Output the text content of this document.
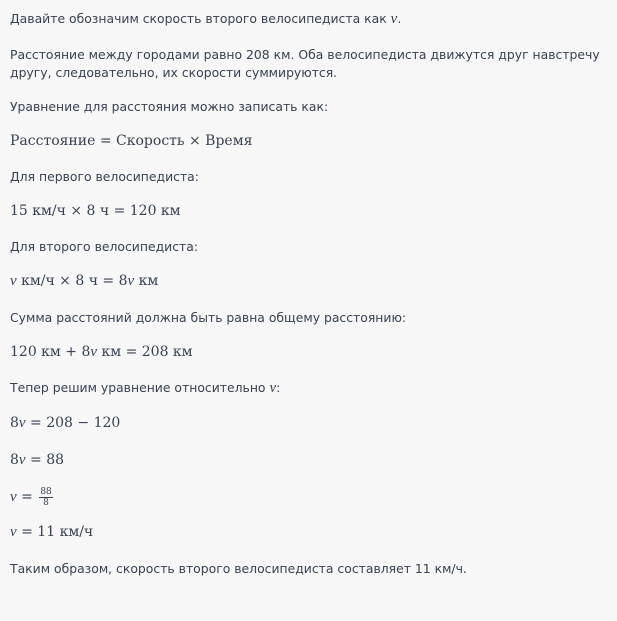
Давайте обозначим скорость второго велосипедиста как v.
Расстояние между городами равно 208 км. Оба велосипедиста движутся друг навстречу другу, следовательно, их скорости суммируются.
Уравнение для расстояния можно записать как:
Расстояние = Скорость × Время
Для первого велосипедиста:
15 км/ч × 8 ч = 120 км
Для второго велосипедиста:
v км/ч × 8 ч = 8v км
Сумма расстояний должна быть равна общему расстоянию:
120 км + 8v км = 208 км
Тепер решим уравнение относительно v:
8v = 208 − 120
8v = 88
$v = \frac{88}{8}$
v = 11 км/ч
Таким образом, скорость второго велосипедиста составляет 11 км/ч.
